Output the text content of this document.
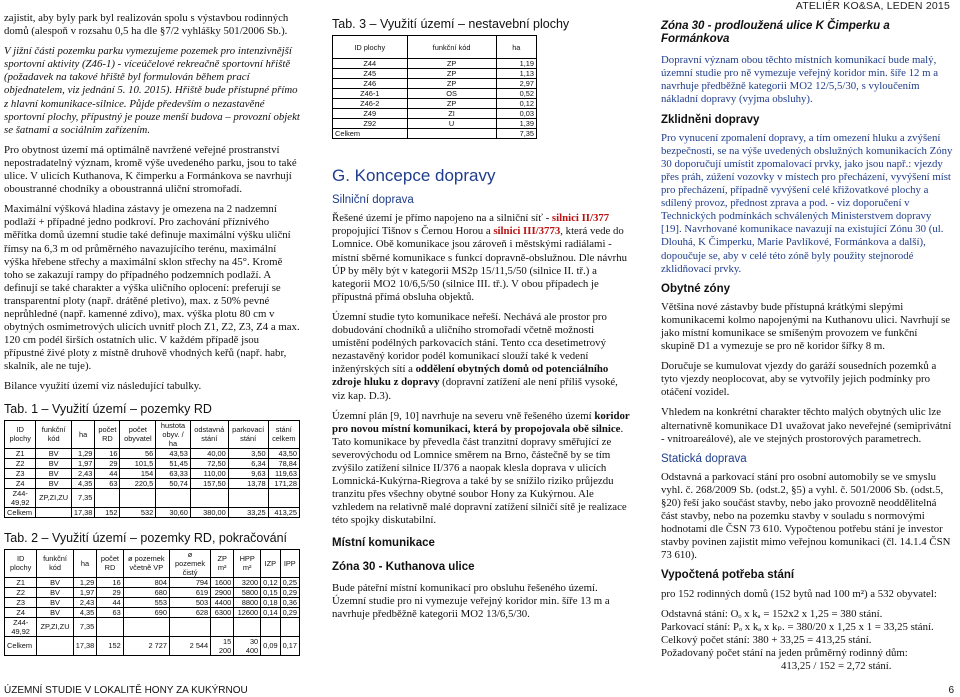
ATELIÉR KO&SA, LEDEN 2015

zajistit, aby byly park byl realizován spolu s výstavbou rodinných domů (alespoň v rozsahu 0,5 ha dle §7/2 vyhlášky 501/2006 Sb.).

V jižní části pozemku parku vymezujeme pozemek pro intenzivnější sportovní aktivity (Z46-1) - víceúčelové rekreačně sportovní hřiště (požadavek na takové hřiště byl formulován během prací objednatelem, viz jednání 5. 10. 2015). Hřiště bude přístupné přímo z hlavní komunikace-silnice. Půjde především o nezastavěné sportovní plochy, přípustný je pouze menší budova – provozní objekt se šatnami a sociálním zařízením.

Pro obytnost území má optimálně navržené veřejné prostranství nepostradatelný význam, kromě výše uvedeného parku, jsou to také ulice. V ulicích Kuthanova, K čimperku a Formánkova se navrhují oboustranné chodníky a oboustranná uliční stromořadí.

Maximální výšková hladina zástavy je omezena na 2 nadzemní podlaží + případné jedno podkroví. Pro zachování příznivého měřítka domů územní studie také definuje maximální výšku uliční římsy na 6,3 m od průměrného navazujícího terénu, maximální výška hřebene střechy a maximální sklon střechy na 45°. Kromě toho se zakazují rampy do případného podzemních podlaží. A definují se také charakter a výška uličního oplocení: preferují se transparentní ploty (např. drátěné pletivo), max. z 50% pevné neprůhledné (např. kamenné zdivo), max. výška plotu 80 cm v obytných osmimetrových ulicích uvnitř ploch Z1, Z2, Z3, Z4 a max. 120 cm podél širších ostatních ulic. V každém případě jsou přípustné živé ploty z místně druhově vhodných keřů (např. habr, skalník, ale ne tuje).

Bilance využití území viz následující tabulky.

Tab. 1 – Využití území – pozemky RD
ID plochy	funkční kód	ha	počet RD	počet obyvatel	hustota obyv. / ha	odstavná stání	parkovací stání	stání celkem
Z1	BV	1,29	16	56	43,53	40,00	3,50	43,50
Z2	BV	1,97	29	101,5	51,45	72,50	6,34	78,84
Z3	BV	2,43	44	154	63,33	110,00	9,63	119,63
Z4	BV	4,35	63	220,5	50,74	157,50	13,78	171,28
Z44-49,92	ZP,ZI,ZU	7,35						
Celkem		17,38	152	532	30,60	380,00	33,25	413,25
Tab. 2 – Využití území – pozemky RD, pokračování
ID plochy	funkční kód	ha	počet RD	ø pozemek včetně VP	ø pozemek čistý	ZP m²	HPP m²	IZP	IPP
Z1	BV	1,29	16	804	794	1600	3200	0,12	0,25
Z2	BV	1,97	29	680	619	2900	5800	0,15	0,29
Z3	BV	2,43	44	553	503	4400	8800	0,18	0,36
Z4	BV	4,35	63	690	628	6300	12600	0,14	0,29
Z44-49,92	ZP,ZI,ZU	7,35							
Celkem		17,38	152	2 727	2 544	15 200	30 400	0,09	0,17
Tab. 3 – Využití území – nestavební plochy
ID plochy	funkční kód	ha
Z44	ZP	1,19
Z45	ZP	1,13
Z46	ZP	2,97
Z46-1	OS	0,52
Z46-2	ZP	0,12
Z49	ZI	0,03
Z92	U	1,39
Celkem		7,35
G. Koncepce dopravy
Silniční doprava

Řešené území je přímo napojeno na a silniční síť - silnici II/377 propojující Tišnov s Černou Horou a silnici III/3773, která vede do Lomnice. Obě komunikace jsou zároveň i městskými radiálami - místní sběrné komunikace s funkcí dopravně-obslužnou. Dle návrhu ÚP by měly být v kategorii MS2p 15/11,5/50 (silnice II. tř.) a kategorii MO2 10/6,5/50 (silnice III. tř.). V obou případech je přípustná přímá obsluha objektů.

Územní studie tyto komunikace neřeší. Nechává ale prostor pro dobudování chodníků a uličního stromořadí včetně možnosti umístění podélných parkovacích stání. Tento cca desetimetrový nezastavěný koridor podél komunikací slouží také k vedení inženýrských sítí a oddělení obytných domů od potenciálního zdroje hluku z dopravy (dopravní zatížení ale není příliš vysoké, viz kap. D.3).

Územní plán [9, 10] navrhuje na severu vně řešeného území koridor pro novou místní komunikaci, která by propojovala obě silnice. Tato komunikace by převedla část tranzitní dopravy směřující ze severovýchodu od Lomnice směrem na Brno, částečně by se tím zvýšilo zatížení silnice II/376 a naopak klesla doprava v ulicích Lomnická-Kukýrna-Riegrova a také by se snížilo riziko průjezdu tranzitu přes všechny obytné soubor Hony za Kukýrnou. Ale vzhledem na relativně malé dopravní zatížení silničí sítě je realizace této spojky diskutabilní.

Místní komunikace
Zóna 30 - Kuthanova ulice

Bude páteřní místní komunikací pro obsluhu řešeného území. Územní studie pro ni vymezuje veřejný koridor min. šíře 13 m a navrhuje předběžně kategorii MO2 13/6,5/30.

Zóna 30 - prodloužená ulice K Čimperku a Formánkova

Dopravní význam obou těchto místních komunikací bude malý, územní studie pro ně vymezuje veřejný koridor min. šíře 12 m a navrhuje předběžně kategorii MO2 12/5,5/30, s vyloučením nákladní dopravy (vyjma obsluhy).

Zklidněni dopravy

Pro vynucení zpomalení dopravy, a tím omezení hluku a zvýšení bezpečnosti, se na výše uvedených obslužných komunikacích Zóny 30 doporučují umístit zpomalovací prvky, jako jsou např.: vjezdy přes práh, zúžení vozovky v místech pro přecházení, vyvýšení míst pro přecházení, případně vyvýšení celé křižovatkové plochy a sdílený provoz, přednost zprava a pod. - viz doporučení v Technických podmínkách schválených Ministerstvem dopravy [19]. Navrhované komunikace navazují na existující Zónu 30 (ul. Dlouhá, K Čimperku, Marie Pavlíkové, Formánkova a další), dopoučuje se, aby v celé této zóně byly použity stejnorodé zklidňovací prvky.

Obytné zóny

Většina nové zástavby bude přístupná krátkými slepými komunikacemi kolmo napojenými na Kuthanovu ulici. Navrhují se jako místní komunikace se smíšeným provozem ve funkční skupině D1 a vymezuje se pro ně koridor šířky 8 m.

Doručuje se kumulovat vjezdy do garáží sousedních pozemků a tyto vjezdy neoplocovat, aby se vytvořily jejich podmínky pro otáčení vozidel.

Vhledem na konkrétní charakter těchto malých obytných ulic lze alternativně komunikace D1 uvažovat jako neveřejné (semiprivátní - vnitroareálové), ale ve stejných prostorových parametrech.

Statická doprava

Odstavná a parkovací stání pro osobní automobily se ve smyslu vyhl. č. 268/2009 Sb. (odst.2, §5) a vyhl. č. 501/2006 Sb. (odst.5, §20) řeší jako součást stavby, nebo jako provozně neoddělitelná část stavby, nebo na pozemku stavby v souladu s normovými hodnotami dle ČSN 73 610. Vypočtenou potřebu stání je investor stavby povinen zajistit mimo veřejnou komunikaci (čl. 14.1.4 ČSN 73 610).

Vypočtená potřeba stání

pro 152 rodinných domů (152 bytů nad 100 m²) a 532 obyvatel:

Odstavná stání: Oₒ x kₐ = 152x2 x 1,25 = 380 stání.
Parkovací stání: Pₒ x kₐ x kₚ. = 380/20 x 1,25 x 1 = 33,25 stání.
Celkový počet stání: 380 + 33,25 = 413,25 stání.
Požadovaný počet stání na jeden průměrný rodinný dům:
413,25 / 152 = 2,72 stání.
ÚZEMNÍ STUDIE V LOKALITĚ HONY ZA KUKÝRNOU	6
